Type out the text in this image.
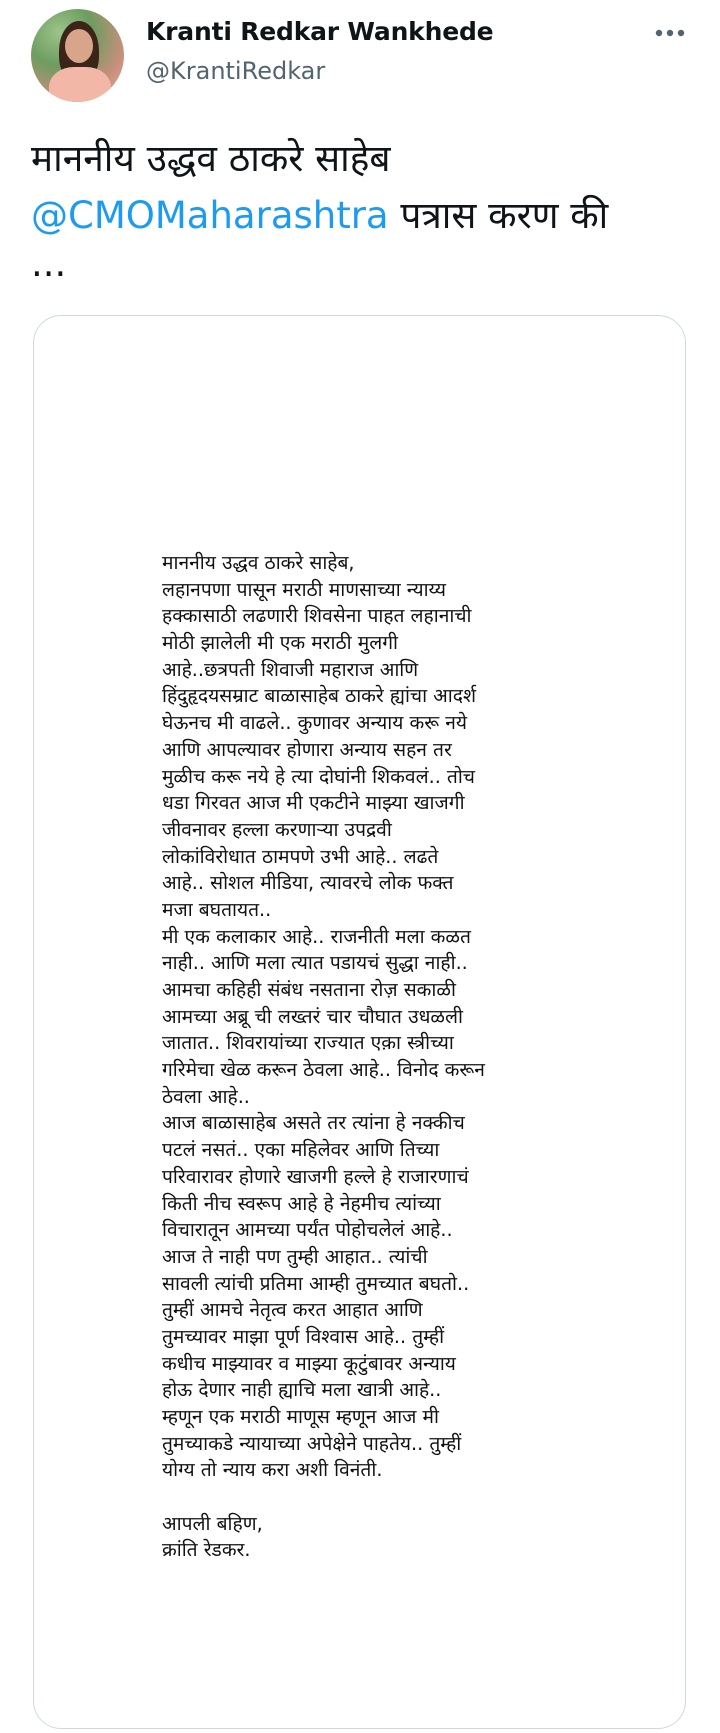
Kranti Redkar Wankhede
@KrantiRedkar
माननीय उद्धव ठाकरे साहेब @CMOMaharashtra पत्रास करण की
...
माननीय उद्धव ठाकरे साहेब,
लहानपणा पासून मराठी माणसाच्या न्याय्य
हक्कासाठी लढणारी शिवसेना पाहत लहानाची
मोठी झालेली मी एक मराठी मुलगी
आहे..छत्रपती शिवाजी महाराज आणि
हिंदुहृदयसम्राट बाळासाहेब ठाकरे ह्यांचा आदर्श
घेऊनच मी वाढले.. कुणावर अन्याय करू नये
आणि आपल्यावर होणारा अन्याय सहन तर
मुळीच करू नये हे त्या दोघांनी शिकवलं.. तोच
धडा गिरवत आज मी एकटीने माझ्या खाजगी
जीवनावर हल्ला करणाऱ्या उपद्रवी
लोकांविरोधात ठामपणे उभी आहे.. लढते
आहे.. सोशल मीडिया, त्यावरचे लोक फक्त
मजा बघतायत..
मी एक कलाकार आहे.. राजनीती मला कळत
नाही.. आणि मला त्यात पडायचं सुद्धा नाही..
आमचा कहिही संबंध नसताना रोज़ सकाळी
आमच्या अब्रू ची लख्तरं चार चौघात उधळली
जातात.. शिवरायांच्या राज्यात एक़ा स्त्रीच्या
गरिमेचा खेळ करून ठेवला आहे.. विनोद करून
ठेवला आहे..
आज बाळासाहेब असते तर त्यांना हे नक्कीच
पटलं नसतं.. एका महिलेवर आणि तिच्या
परिवारावर होणारे खाजगी हल्ले हे राजारणाचं
किती नीच स्वरूप आहे हे नेहमीच त्यांच्या
विचारातून आमच्या पर्यंत पोहोचलेलं आहे..
आज ते नाही पण तुम्ही आहात.. त्यांची
सावली त्यांची प्रतिमा आम्ही तुमच्यात बघतो..
तुम्हीं आमचे नेतृत्व करत आहात आणि
तुमच्यावर माझा पूर्ण विश्वास आहे.. तुम्हीं
कधीच माझ्यावर व माझ्या कूटुंबावर अन्याय
होऊ देणार नाही ह्याचि मला खात्री आहे..
म्हणून एक मराठी माणूस म्हणून आज मी
तुमच्याकडे न्यायाच्या अपेक्षेने पाहतेय.. तुम्हीं
योग्य तो न्याय करा अशी विनंती.
आपली बहिण,
क्रांति रेडकर.
